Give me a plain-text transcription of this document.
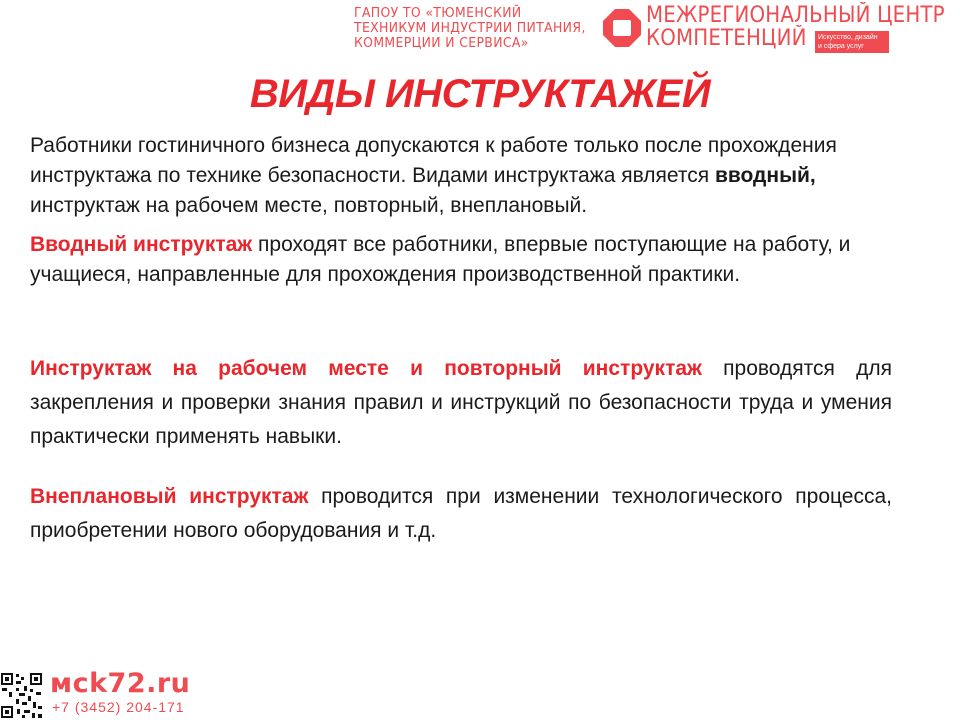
ГАПОУ ТО «ТЮМЕНСКИЙ
ТЕХНИКУМ ИНДУСТРИИ ПИТАНИЯ,
КОММЕРЦИИ И СЕРВИСА»
МЕЖРЕГИОНАЛЬНЫЙ ЦЕНТР
КОМПЕТЕНЦИЙ	Искусство, дизайн
и сфера услуг
ВИДЫ ИНСТРУКТАЖЕЙ

Работники гостиничного бизнеса допускаются к работе только после прохождения инструктажа по технике безопасности. Видами инструктажа является вводный, инструктаж на рабочем месте, повторный, внеплановый.

Вводный инструктаж проходят все работники, впервые поступающие на работу, и учащиеся, направленные для прохождения производственной практики.

Инструктаж на рабочем месте и повторный инструктаж проводятся для закрепления и проверки знания правил и инструкций по безопасности труда и умения практически применять навыки.

Внеплановый инструктаж проводится при изменении технологического процесса, приобретении нового оборудования и т.д.

мck72.ru
+7 (3452) 204-171
